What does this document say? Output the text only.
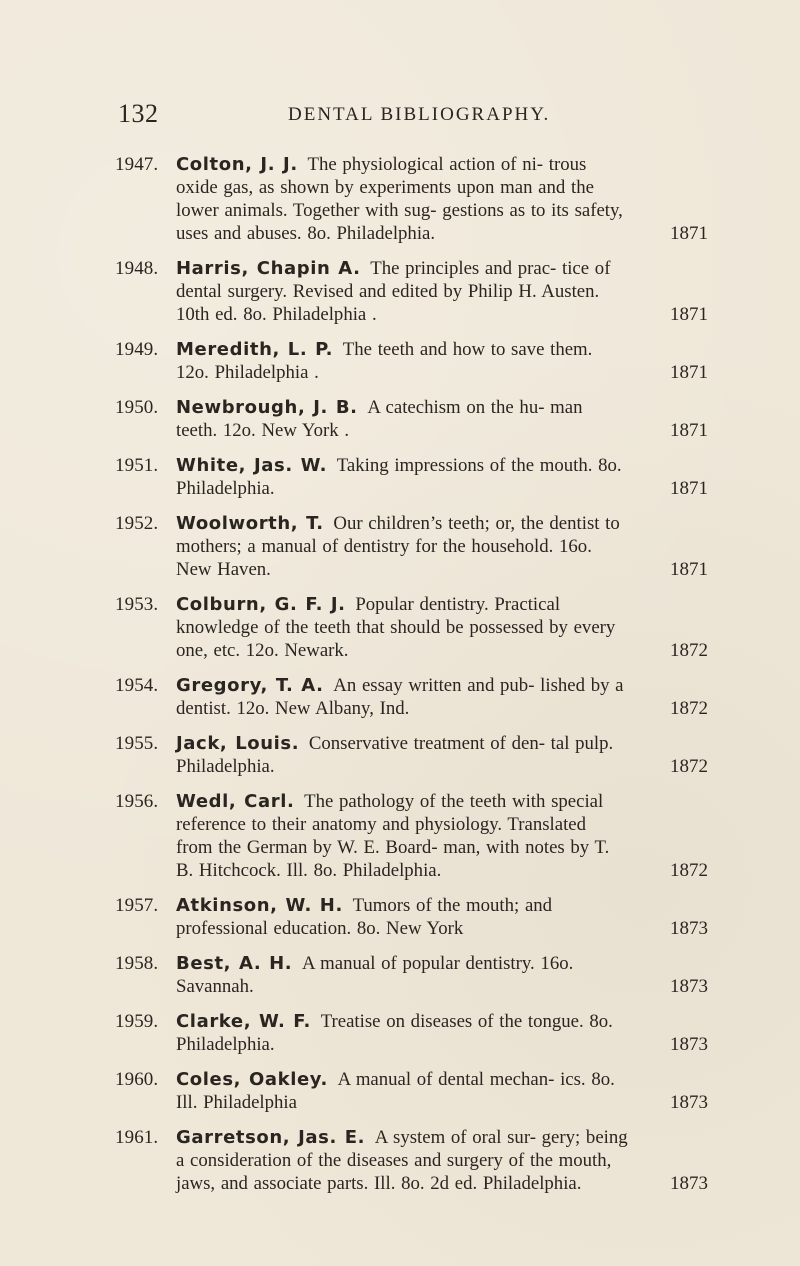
132	DENTAL BIBLIOGRAPHY.
1947. Colton, J. J. The physiological action of ni- trous oxide gas, as shown by experiments upon man and the lower animals. Together with sug- gestions as to its safety, uses and abuses. 8o. Philadelphia.	1871
1948. Harris, Chapin A. The principles and prac- tice of dental surgery. Revised and edited by Philip H. Austen. 10th ed. 8o. Philadelphia .	1871
1949. Meredith, L. P. The teeth and how to save them. 12o. Philadelphia .	1871
1950. Newbrough, J. B. A catechism on the hu- man teeth. 12o. New York .	1871
1951. White, Jas. W. Taking impressions of the mouth. 8o. Philadelphia.	1871
1952. Woolworth, T. Our children’s teeth; or, the dentist to mothers; a manual of dentistry for the household. 16o. New Haven.	1871
1953. Colburn, G. F. J. Popular dentistry. Practical knowledge of the teeth that should be possessed by every one, etc. 12o. Newark.	1872
1954. Gregory, T. A. An essay written and pub- lished by a dentist. 12o. New Albany, Ind.	1872
1955. Jack, Louis. Conservative treatment of den- tal pulp. Philadelphia.	1872
1956. Wedl, Carl. The pathology of the teeth with special reference to their anatomy and physiology. Translated from the German by W. E. Board- man, with notes by T. B. Hitchcock. Ill. 8o. Philadelphia.	1872
1957. Atkinson, W. H. Tumors of the mouth; and professional education. 8o. New York	1873
1958. Best, A. H. A manual of popular dentistry. 16o. Savannah.	1873
1959. Clarke, W. F. Treatise on diseases of the tongue. 8o. Philadelphia.	1873
1960. Coles, Oakley. A manual of dental mechan- ics. 8o. Ill. Philadelphia	1873
1961. Garretson, Jas. E. A system of oral sur- gery; being a consideration of the diseases and surgery of the mouth, jaws, and associate parts. Ill. 8o. 2d ed. Philadelphia.	1873
